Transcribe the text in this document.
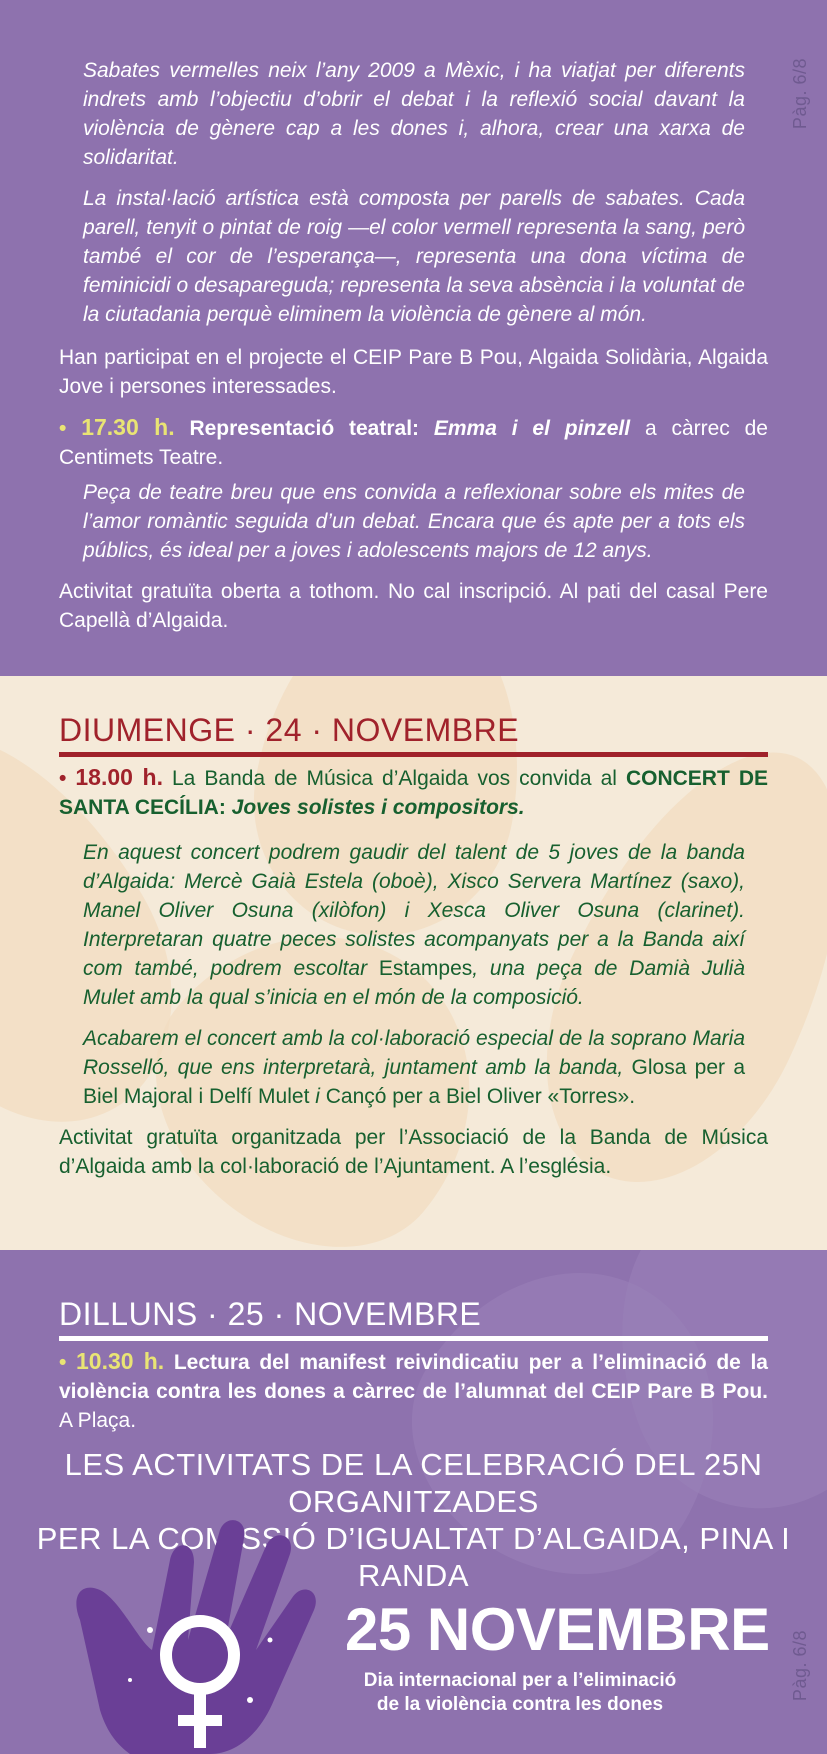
Pàg. 6/8

Sabates vermelles neix l’any 2009 a Mèxic, i ha viatjat per diferents indrets amb l’objectiu d’obrir el debat i la reflexió social davant la violència de gènere cap a les dones i, alhora, crear una xarxa de solidaritat.

La instal·lació artística està composta per parells de sabates. Cada parell, tenyit o pintat de roig —el color vermell representa la sang, però també el cor de l’esperança—, representa una dona víctima de feminicidi o desapareguda; representa la seva absència i la voluntat de la ciutadania perquè eliminem la violència de gènere al món.

Han participat en el projecte el CEIP Pare B Pou, Algaida Solidària, Algaida Jove i persones interessades.

• 17.30 h. Representació teatral: Emma i el pinzell a càrrec de Centimets Teatre.

Peça de teatre breu que ens convida a reflexionar sobre els mites de l’amor romàntic seguida d’un debat. Encara que és apte per a tots els públics, és ideal per a joves i adolescents majors de 12 anys.

Activitat gratuïta oberta a tothom. No cal inscripció. Al pati del casal Pere Capellà d’Algaida.

DIUMENGE · 24 · NOVEMBRE

• 18.00 h. La Banda de Música d’Algaida vos convida al CONCERT DE SANTA CECÍLIA: Joves solistes i compositors.

En aquest concert podrem gaudir del talent de 5 joves de la banda d’Algaida: Mercè Gaià Estela (oboè), Xisco Servera Martínez (saxo), Manel Oliver Osuna (xilòfon) i Xesca Oliver Osuna (clarinet). Interpretaran quatre peces solistes acompanyats per a la Banda així com també, podrem escoltar Estampes, una peça de Damià Julià Mulet amb la qual s’inicia en el món de la composició.

Acabarem el concert amb la col·laboració especial de la soprano Maria Rosselló, que ens interpretarà, juntament amb la banda, Glosa per a Biel Majoral i Delfí Mulet i Cançó per a Biel Oliver «Torres».

Activitat gratuïta organitzada per l’Associació de la Banda de Música d’Algaida amb la col·laboració de l’Ajuntament. A l’església.

DILLUNS · 25 · NOVEMBRE

• 10.30 h. Lectura del manifest reivindicatiu per a l’eliminació de la violència contra les dones a càrrec de l’alumnat del CEIP Pare B Pou. A Plaça.

LES ACTIVITATS DE LA CELEBRACIÓ DEL 25N ORGANITZADES
PER LA COMISSIÓ D’IGUALTAT D’ALGAIDA, PINA I RANDA
25 NOVEMBRE
Dia internacional per a l’eliminació
de la violència contra les dones
Pàg. 6/8
